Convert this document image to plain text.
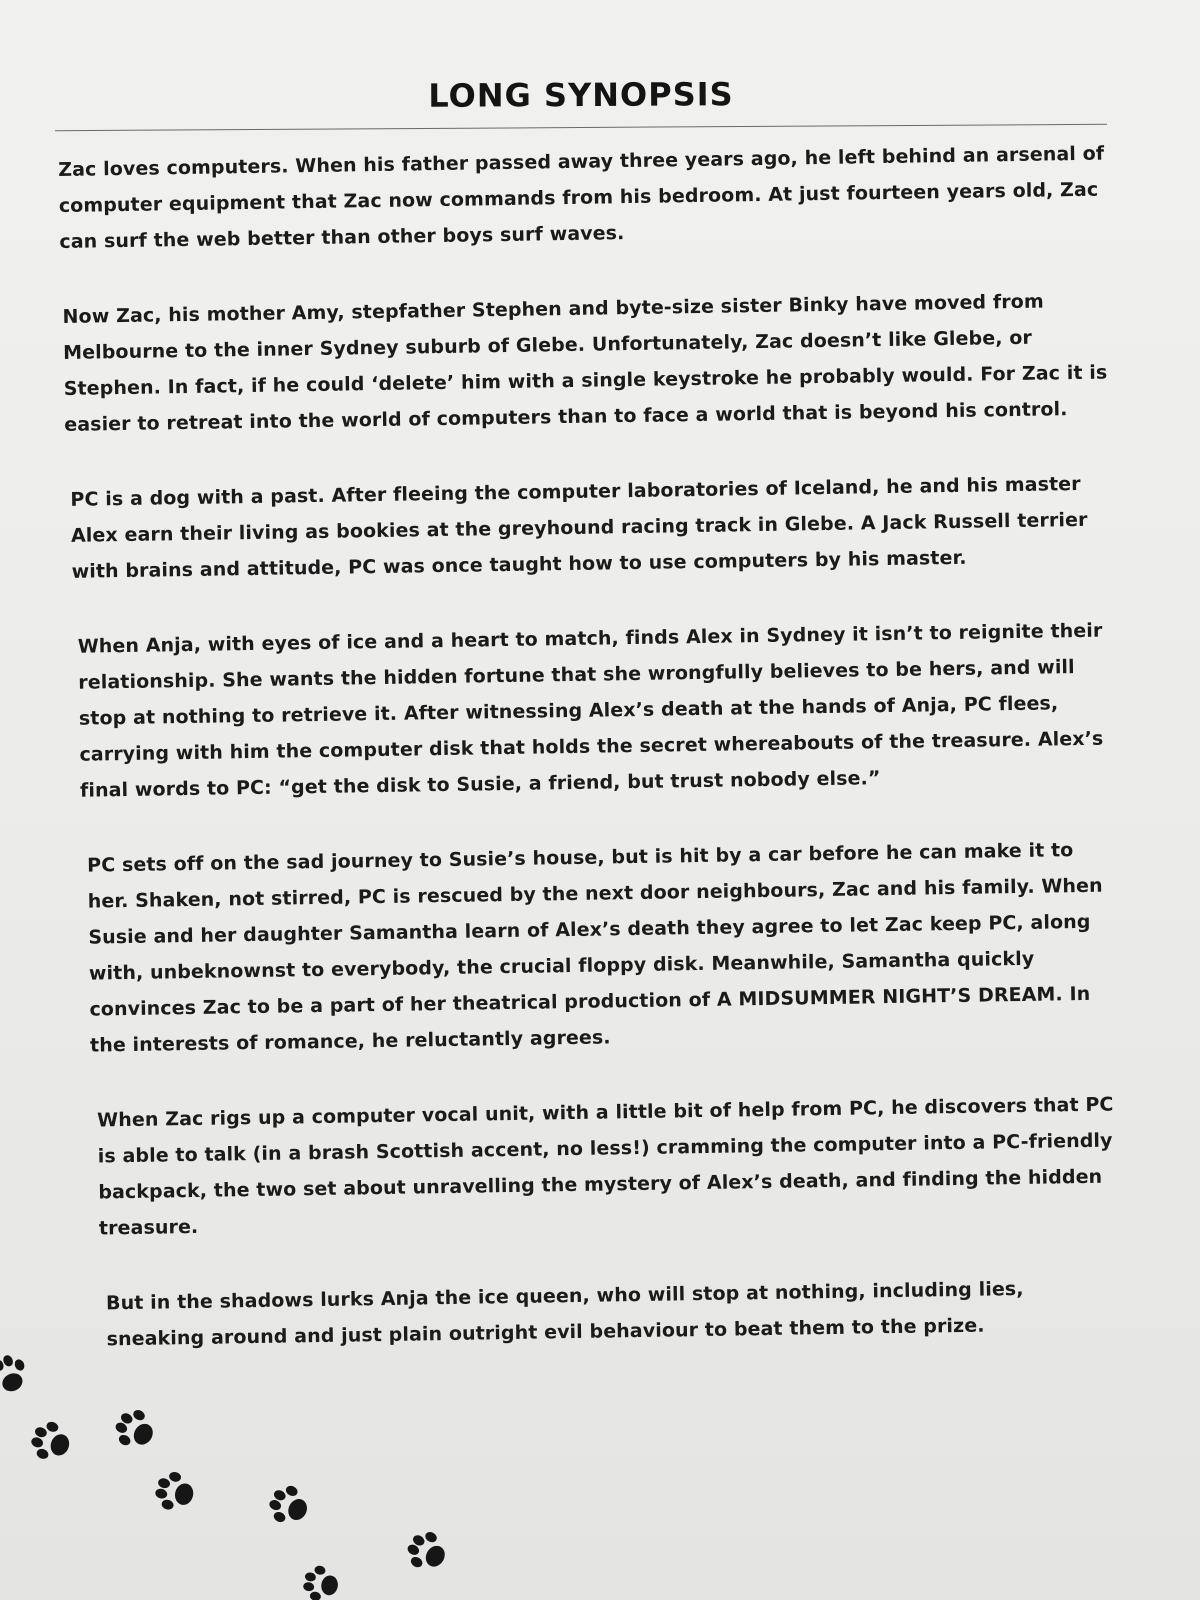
LONG SYNOPSIS

Zac loves computers. When his father passed away three years ago, he left behind an arsenal of computer equipment that Zac now commands from his bedroom. At just fourteen years old, Zac can surf the web better than other boys surf waves.

Now Zac, his mother Amy, stepfather Stephen and byte-size sister Binky have moved from Melbourne to the inner Sydney suburb of Glebe. Unfortunately, Zac doesn’t like Glebe, or Stephen. In fact, if he could ‘delete’ him with a single keystroke he probably would. For Zac it is easier to retreat into the world of computers than to face a world that is beyond his control.

PC is a dog with a past. After fleeing the computer laboratories of Iceland, he and his master Alex earn their living as bookies at the greyhound racing track in Glebe. A Jack Russell terrier with brains and attitude, PC was once taught how to use computers by his master.

When Anja, with eyes of ice and a heart to match, finds Alex in Sydney it isn’t to reignite their relationship. She wants the hidden fortune that she wrongfully believes to be hers, and will stop at nothing to retrieve it. After witnessing Alex’s death at the hands of Anja, PC flees, carrying with him the computer disk that holds the secret whereabouts of the treasure. Alex’s final words to PC: “get the disk to Susie, a friend, but trust nobody else.”

PC sets off on the sad journey to Susie’s house, but is hit by a car before he can make it to her. Shaken, not stirred, PC is rescued by the next door neighbours, Zac and his family. When Susie and her daughter Samantha learn of Alex’s death they agree to let Zac keep PC, along with, unbeknownst to everybody, the crucial floppy disk. Meanwhile, Samantha quickly convinces Zac to be a part of her theatrical production of A MIDSUMMER NIGHT’S DREAM. In the interests of romance, he reluctantly agrees.

When Zac rigs up a computer vocal unit, with a little bit of help from PC, he discovers that PC is able to talk (in a brash Scottish accent, no less!) cramming the computer into a PC-friendly backpack, the two set about unravelling the mystery of Alex’s death, and finding the hidden treasure.

But in the shadows lurks Anja the ice queen, who will stop at nothing, including lies, sneaking around and just plain outright evil behaviour to beat them to the prize.
